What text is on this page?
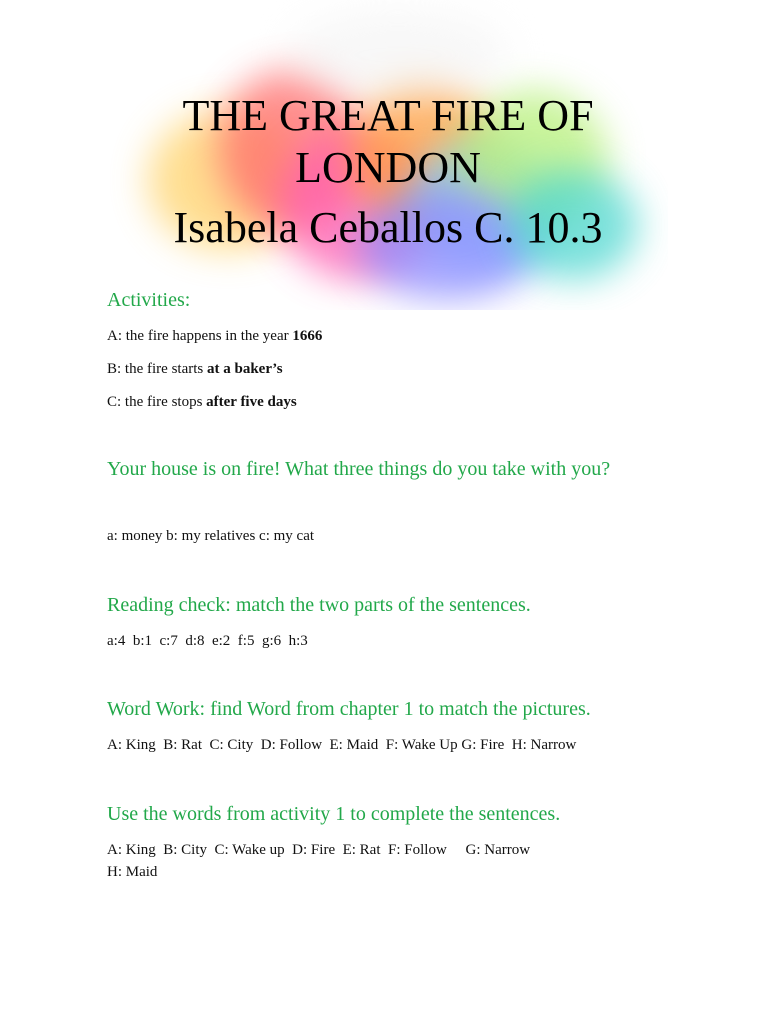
THE GREAT FIRE OF

LONDON

Isabela Ceballos C. 10.3

Activities:

A: the fire happens in the year 1666

B: the fire starts at a baker’s

C: the fire stops after five days

Your house is on fire! What three things do you take with you?

a: money b: my relatives c: my cat

Reading check: match the two parts of the sentences.

a:4  b:1  c:7  d:8  e:2  f:5  g:6  h:3

Word Work: find Word from chapter 1 to match the pictures.

A: King  B: Rat  C: City  D: Follow  E: Maid  F: Wake Up G: Fire  H: Narrow

Use the words from activity 1 to complete the sentences.

A: King  B: City  C: Wake up  D: Fire  E: Rat  F: Follow     G: Narrow

H: Maid
